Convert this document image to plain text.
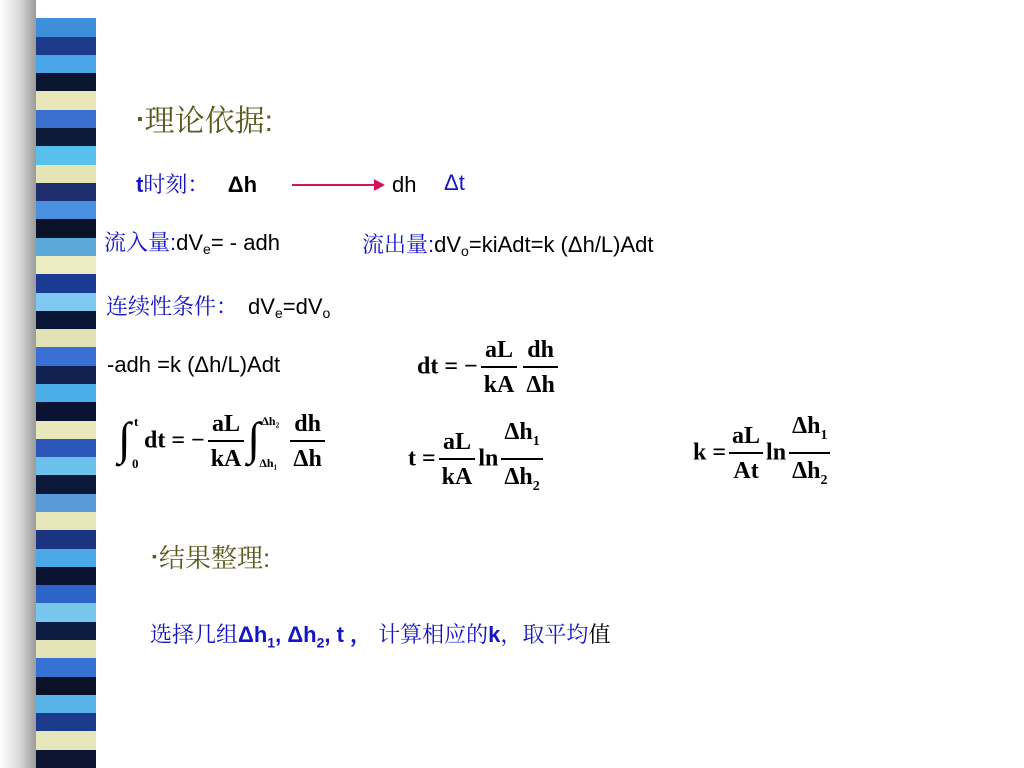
▪理论依据:
t时刻： Δh	dh Δt
流入量$:dV_e=$ - adh	流出量$:dV_o=kiAdt=k$ (Δh/L)Adt
连续性条件： $dV_e=dV_o$
-adh =k (Δh/L)Adt	dt = − $\frac{aL}{kA} \frac{dh}{\Delta h}$
∫ t
0
dt = − $\frac{aL}{kA}$ ∫ Δh₂
$\Delta h_1 \frac{dh}{\Delta h}$	$t = \frac{aL}{kA}$ $\ln \frac{\Delta h_1}{\Delta h_2}$	$k = \frac{aL}{At}$ $\ln \frac{\Delta h_1}{\Delta h_2}$
▪结果整理:
选择几组$\Delta h_1$, $\Delta h_2$, t ， 计算相应的k，取平均值
